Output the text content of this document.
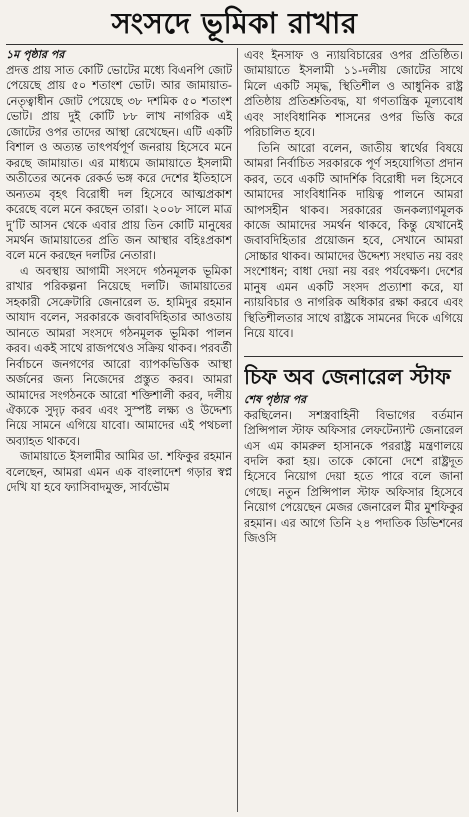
সংসদে ভূমিকা রাখার
১ম পৃষ্ঠার পর

প্রদত্ত প্রায় সাত কোটি ভোটের মধ্যে বিএনপি জোট পেয়েছে প্রায় ৫০ শতাংশ ভোট। আর জামায়াত-নেতৃত্বাধীন জোট পেয়েছে ৩৮ দশমিক ৫০ শতাংশ ভোট। প্রায় দুই কোটি ৮৮ লাখ নাগরিক এই জোটের ওপর তাদের আস্থা রেখেছেন। এটি একটি বিশাল ও অত্যন্ত তাৎপর্যপূর্ণ জনরায় হিসেবে মনে করছে জামায়াত। এর মাধ্যমে জামায়াতে ইসলামী অতীতের অনেক রেকর্ড ভঙ্গ করে দেশের ইতিহাসে অন্যতম বৃহৎ বিরোধী দল হিসেবে আত্মপ্রকাশ করেছে বলে মনে করছেন তারা। ২০০৮ সালে মাত্র দু’টি আসন থেকে এবার প্রায় তিন কোটি মানুষের সমর্থন জামায়াতের প্রতি জন আস্থার বহিঃপ্রকাশ বলে মনে করছেন দলটির নেতারা।

এ অবস্থায় আগামী সংসদে গঠনমূলক ভূমিকা রাখার পরিকল্পনা নিয়েছে দলটি। জামায়াতের সহকারী সেক্রেটারি জেনারেল ড. হামিদুর রহমান আযাদ বলেন, সরকারকে জবাবদিহিতার আওতায় আনতে আমরা সংসদে গঠনমূলক ভূমিকা পালন করব। একই সাথে রাজপথেও সক্রিয় থাকব। পরবর্তী নির্বাচনে জনগণের আরো ব্যাপকভিত্তিক আস্থা অর্জনের জন্য নিজেদের প্রস্তুত করব। আমরা আমাদের সংগঠনকে আরো শক্তিশালী করব, দলীয় ঐক্যকে সুদৃঢ় করব এবং সুস্পষ্ট লক্ষ্য ও উদ্দেশ্য নিয়ে সামনে এগিয়ে যাবো। আমাদের এই পথচলা অব্যাহত থাকবে।

জামায়াতে ইসলামীর আমির ডা. শফিকুর রহমান বলেছেন, আমরা এমন এক বাংলাদেশ গড়ার স্বপ্ন দেখি যা হবে ফ্যাসিবাদমুক্ত, সার্বভৌম

এবং ইনসাফ ও ন্যায়বিচারের ওপর প্রতিষ্ঠিত। জামায়াতে ইসলামী ১১-দলীয় জোটের সাথে মিলে একটি সমৃদ্ধ, স্থিতিশীল ও আধুনিক রাষ্ট্র প্রতিষ্ঠায় প্রতিশ্রুতিবদ্ধ, যা গণতান্ত্রিক মূল্যবোধ এবং সাংবিধানিক শাসনের ওপর ভিত্তি করে পরিচালিত হবে।

তিনি আরো বলেন, জাতীয় স্বার্থের বিষয়ে আমরা নির্বাচিত সরকারকে পূর্ণ সহযোগিতা প্রদান করব, তবে একটি আদর্শিক বিরোধী দল হিসেবে আমাদের সাংবিধানিক দায়িত্ব পালনে আমরা আপসহীন থাকব। সরকারের জনকল্যাণমূলক কাজে আমাদের সমর্থন থাকবে, কিন্তু যেখানেই জবাবদিহিতার প্রয়োজন হবে, সেখানে আমরা সোচ্চার থাকব। আমাদের উদ্দেশ্য সংঘাত নয় বরং সংশোধন; বাধা দেয়া নয় বরং পর্যবেক্ষণ। দেশের মানুষ এমন একটি সংসদ প্রত্যাশা করে, যা ন্যায়বিচার ও নাগরিক অধিকার রক্ষা করবে এবং স্থিতিশীলতার সাথে রাষ্ট্রকে সামনের দিকে এগিয়ে নিয়ে যাবে।

চিফ অব জেনারেল স্টাফ
শেষ পৃষ্ঠার পর

করছিলেন। সশস্ত্রবাহিনী বিভাগের বর্তমান প্রিন্সিপাল স্টাফ অফিসার লেফটেন্যান্ট জেনারেল এস এম কামরুল হাসানকে পররাষ্ট্র মন্ত্রণালয়ে বদলি করা হয়। তাকে কোনো দেশে রাষ্ট্রদূত হিসেবে নিয়োগ দেয়া হতে পারে বলে জানা গেছে। নতুন প্রিন্সিপাল স্টাফ অফিসার হিসেবে নিয়োগ পেয়েছেন মেজর জেনারেল মীর মুশফিকুর রহমান। এর আগে তিনি ২৪ পদাতিক ডিভিশনের জিওসি
